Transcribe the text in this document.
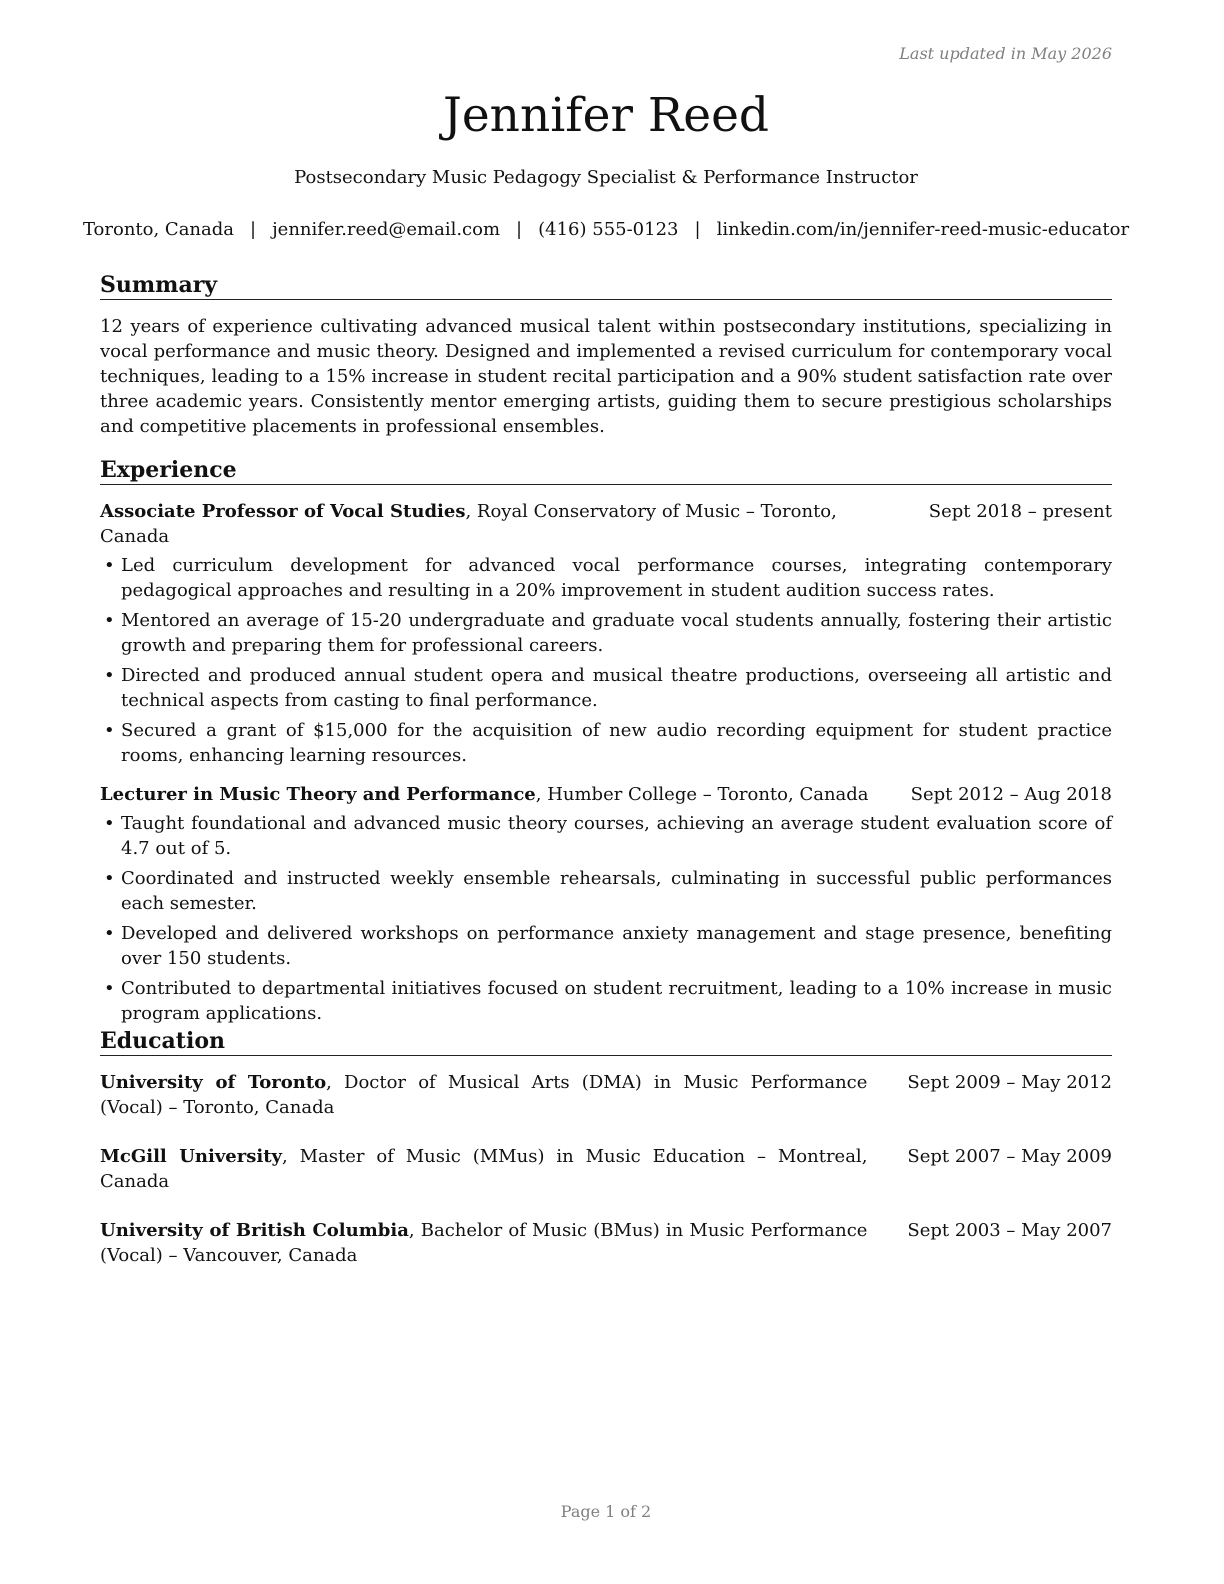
Last updated in May 2026
Jennifer Reed
Postsecondary Music Pedagogy Specialist & Performance Instructor
Toronto, Canada | jennifer.reed@email.com | (416) 555-0123 | linkedin.com/in/jennifer-reed-music-educator
Summary
12 years of experience cultivating advanced musical talent within postsecondary institutions, specializing in vocal performance and music theory. Designed and implemented a revised curriculum for contemporary vocal techniques, leading to a 15% increase in student recital participation and a 90% student satisfaction rate over three academic years. Consistently mentor emerging artists, guiding them to secure prestigious scholarships and competitive placements in professional ensembles.
Experience
Associate Professor of Vocal Studies, Royal Conservatory of Music – Toronto, Canada
Sept 2018 – present
• Led curriculum development for advanced vocal performance courses, integrating contemporary pedagogical approaches and resulting in a 20% improvement in student audition success rates.
• Mentored an average of 15-20 undergraduate and graduate vocal students annually, fostering their artistic growth and preparing them for professional careers.
• Directed and produced annual student opera and musical theatre productions, overseeing all artistic and technical aspects from casting to final performance.
• Secured a grant of $15,000 for the acquisition of new audio recording equipment for student practice rooms, enhancing learning resources.
Lecturer in Music Theory and Performance, Humber College – Toronto, Canada Sept 2012 – Aug 2018
• Taught foundational and advanced music theory courses, achieving an average student evaluation score of 4.7 out of 5.
• Coordinated and instructed weekly ensemble rehearsals, culminating in successful public performances each semester.
• Developed and delivered workshops on performance anxiety management and stage presence, benefiting over 150 students.
• Contributed to departmental initiatives focused on student recruitment, leading to a 10% increase in music program applications.
Education
University of Toronto, Doctor of Musical Arts (DMA) in Music Performance (Vocal) – Toronto, Canada
Sept 2009 – May 2012
McGill University, Master of Music (MMus) in Music Education – Montreal, Canada
Sept 2007 – May 2009
University of British Columbia, Bachelor of Music (BMus) in Music Performance (Vocal) – Vancouver, Canada
Sept 2003 – May 2007
Page 1 of 2
